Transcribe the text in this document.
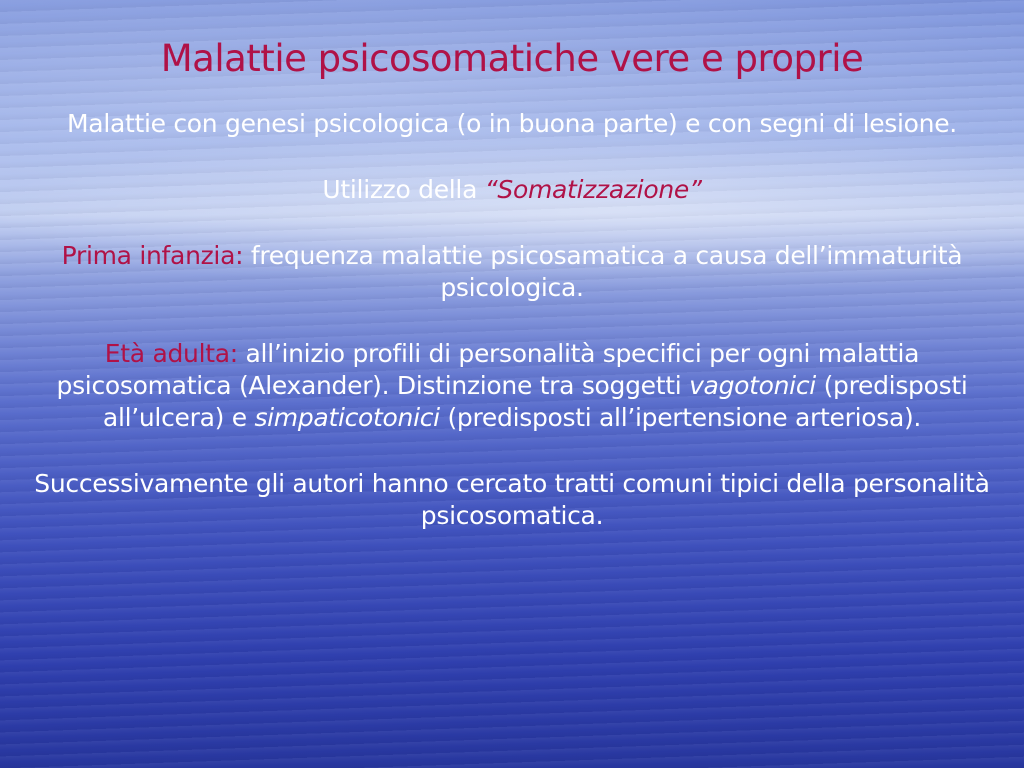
Malattie psicosomatiche vere e proprie

Malattie con genesi psicologica (o in buona parte) e con segni di lesione.

Utilizzo della “Somatizzazione”

Prima infanzia: frequenza malattie psicosamatica a causa dell’immaturità psicologica.

Età adulta: all’inizio profili di personalità specifici per ogni malattia psicosomatica (Alexander). Distinzione tra soggetti vagotonici (predisposti all’ulcera) e simpaticotonici (predisposti all’ipertensione arteriosa).

Successivamente gli autori hanno cercato tratti comuni tipici della personalità psicosomatica.
